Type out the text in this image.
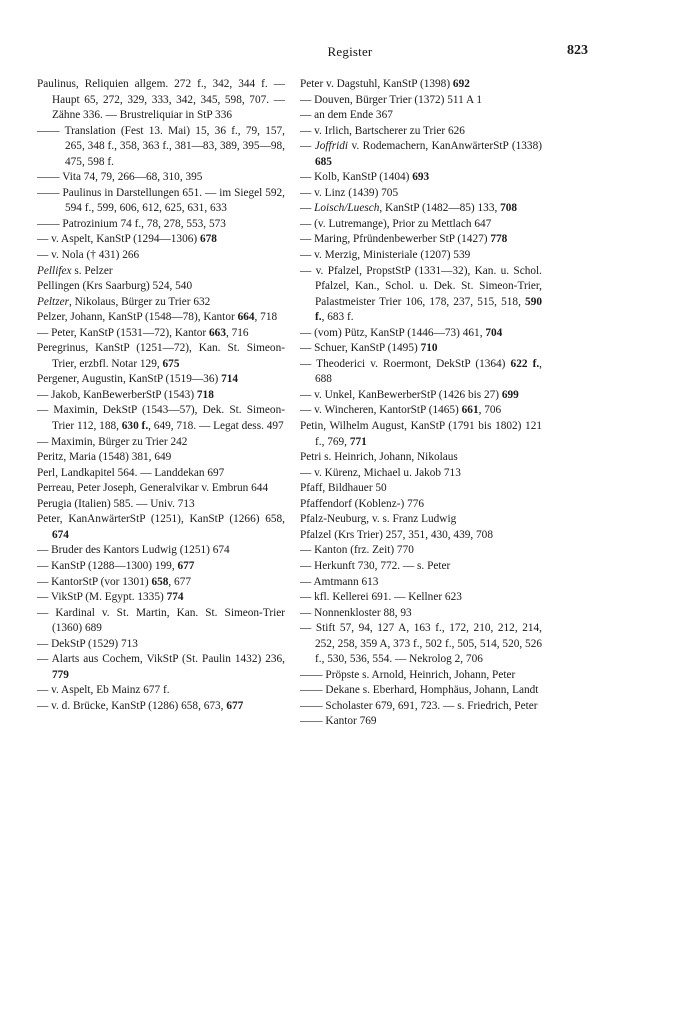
Register	823
Paulinus, Reliquien allgem. 272 f., 342, 344 f. — Haupt 65, 272, 329, 333, 342, 345, 598, 707. — Zähne 336. — Brustreliquiar in StP 336
—— Translation (Fest 13. Mai) 15, 36 f., 79, 157, 265, 348 f., 358, 363 f., 381—83, 389, 395—98, 475, 598 f.
—— Vita 74, 79, 266—68, 310, 395
—— Paulinus in Darstellungen 651. — im Siegel 592, 594 f., 599, 606, 612, 625, 631, 633
—— Patrozinium 74 f., 78, 278, 553, 573
— v. Aspelt, KanStP (1294—1306) 678
— v. Nola († 431) 266
Pellifex s. Pelzer
Pellingen (Krs Saarburg) 524, 540
Peltzer, Nikolaus, Bürger zu Trier 632
Pelzer, Johann, KanStP (1548—78), Kantor 664, 718
— Peter, KanStP (1531—72), Kantor 663, 716
Peregrinus, KanStP (1251—72), Kan. St. Simeon-Trier, erzbfl. Notar 129, 675
Pergener, Augustin, KanStP (1519—36) 714
— Jakob, KanBewerberStP (1543) 718
— Maximin, DekStP (1543—57), Dek. St. Simeon-Trier 112, 188, 630 f., 649, 718. — Legat dess. 497
— Maximin, Bürger zu Trier 242
Peritz, Maria (1548) 381, 649
Perl, Landkapitel 564. — Landdekan 697
Perreau, Peter Joseph, Generalvikar v. Embrun 644
Perugia (Italien) 585. — Univ. 713
Peter, KanAnwärterStP (1251), KanStP (1266) 658, 674
— Bruder des Kantors Ludwig (1251) 674
— KanStP (1288—1300) 199, 677
— KantorStP (vor 1301) 658, 677
— VikStP (M. Egypt. 1335) 774
— Kardinal v. St. Martin, Kan. St. Simeon-Trier (1360) 689
— DekStP (1529) 713
— Alarts aus Cochem, VikStP (St. Paulin 1432) 236, 779
— v. Aspelt, Eb Mainz 677 f.
— v. d. Brücke, KanStP (1286) 658, 673, 677
Peter v. Dagstuhl, KanStP (1398) 692
— Douven, Bürger Trier (1372) 511 A 1
— an dem Ende 367
— v. Irlich, Bartscherer zu Trier 626
— Joffridi v. Rodemachern, KanAnwärterStP (1338) 685
— Kolb, KanStP (1404) 693
— v. Linz (1439) 705
— Loisch/Luesch, KanStP (1482—85) 133, 708
— (v. Lutremange), Prior zu Mettlach 647
— Maring, Pfründenbewerber StP (1427) 778
— v. Merzig, Ministeriale (1207) 539
— v. Pfalzel, PropstStP (1331—32), Kan. u. Schol. Pfalzel, Kan., Schol. u. Dek. St. Simeon-Trier, Palastmeister Trier 106, 178, 237, 515, 518, 590 f., 683 f.
— (vom) Pütz, KanStP (1446—73) 461, 704
— Schuer, KanStP (1495) 710
— Theoderici v. Roermont, DekStP (1364) 622 f., 688
— v. Unkel, KanBewerberStP (1426 bis 27) 699
— v. Wincheren, KantorStP (1465) 661, 706
Petin, Wilhelm August, KanStP (1791 bis 1802) 121 f., 769, 771
Petri s. Heinrich, Johann, Nikolaus
— v. Kürenz, Michael u. Jakob 713
Pfaff, Bildhauer 50
Pfaffendorf (Koblenz-) 776
Pfalz-Neuburg, v. s. Franz Ludwig
Pfalzel (Krs Trier) 257, 351, 430, 439, 708
— Kanton (frz. Zeit) 770
— Herkunft 730, 772. — s. Peter
— Amtmann 613
— kfl. Kellerei 691. — Kellner 623
— Nonnenkloster 88, 93
— Stift 57, 94, 127 A, 163 f., 172, 210, 212, 214, 252, 258, 359 A, 373 f., 502 f., 505, 514, 520, 526 f., 530, 536, 554. — Nekrolog 2, 706
—— Pröpste s. Arnold, Heinrich, Johann, Peter
—— Dekane s. Eberhard, Homphäus, Johann, Landt
—— Scholaster 679, 691, 723. — s. Friedrich, Peter
—— Kantor 769
